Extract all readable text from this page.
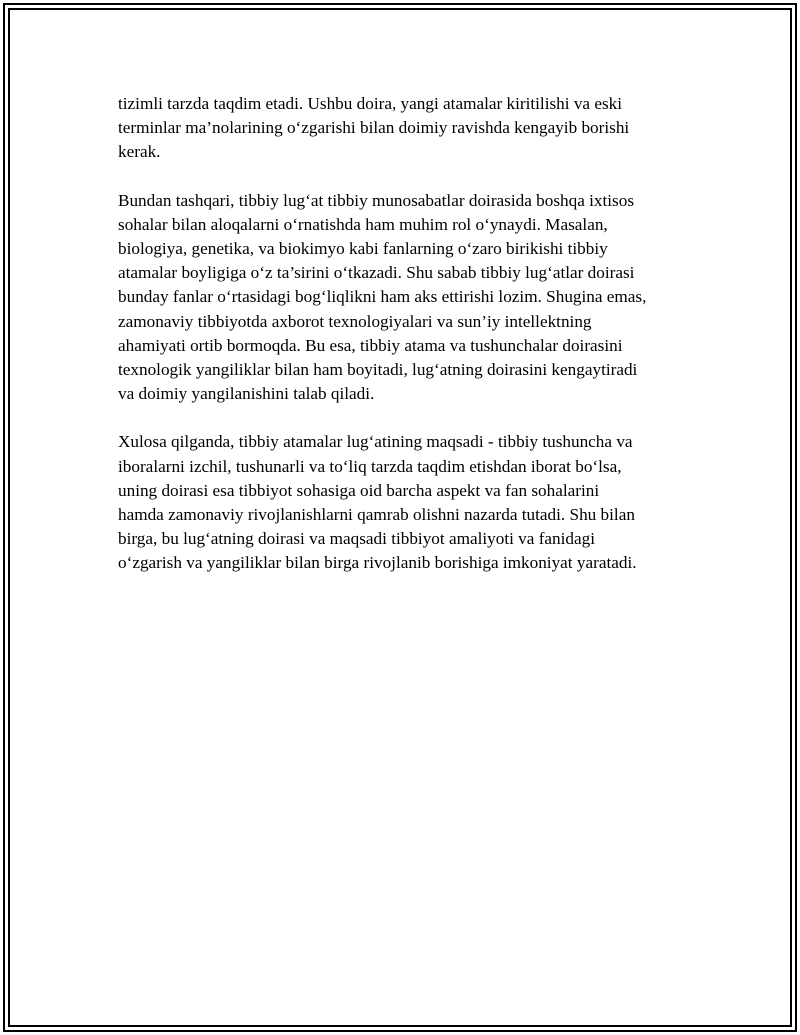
tizimli tarzda taqdim etadi. Ushbu doira, yangi atamalar kiritilishi va eski
terminlar ma’nolarining o‘zgarishi bilan doimiy ravishda kengayib borishi
kerak.

Bundan tashqari, tibbiy lug‘at tibbiy munosabatlar doirasida boshqa ixtisos
sohalar bilan aloqalarni o‘rnatishda ham muhim rol o‘ynaydi. Masalan,
biologiya, genetika, va biokimyo kabi fanlarning o‘zaro birikishi tibbiy
atamalar boyligiga o‘z ta’sirini o‘tkazadi. Shu sabab tibbiy lug‘atlar doirasi
bunday fanlar o‘rtasidagi bog‘liqlikni ham aks ettirishi lozim. Shugina emas,
zamonaviy tibbiyotda axborot texnologiyalari va sun’iy intellektning
ahamiyati ortib bormoqda. Bu esa, tibbiy atama va tushunchalar doirasini
texnologik yangiliklar bilan ham boyitadi, lug‘atning doirasini kengaytiradi
va doimiy yangilanishini talab qiladi.

Xulosa qilganda, tibbiy atamalar lug‘atining maqsadi - tibbiy tushuncha va
iboralarni izchil, tushunarli va to‘liq tarzda taqdim etishdan iborat bo‘lsa,
uning doirasi esa tibbiyot sohasiga oid barcha aspekt va fan sohalarini
hamda zamonaviy rivojlanishlarni qamrab olishni nazarda tutadi. Shu bilan
birga, bu lug‘atning doirasi va maqsadi tibbiyot amaliyoti va fanidagi
o‘zgarish va yangiliklar bilan birga rivojlanib borishiga imkoniyat yaratadi.
